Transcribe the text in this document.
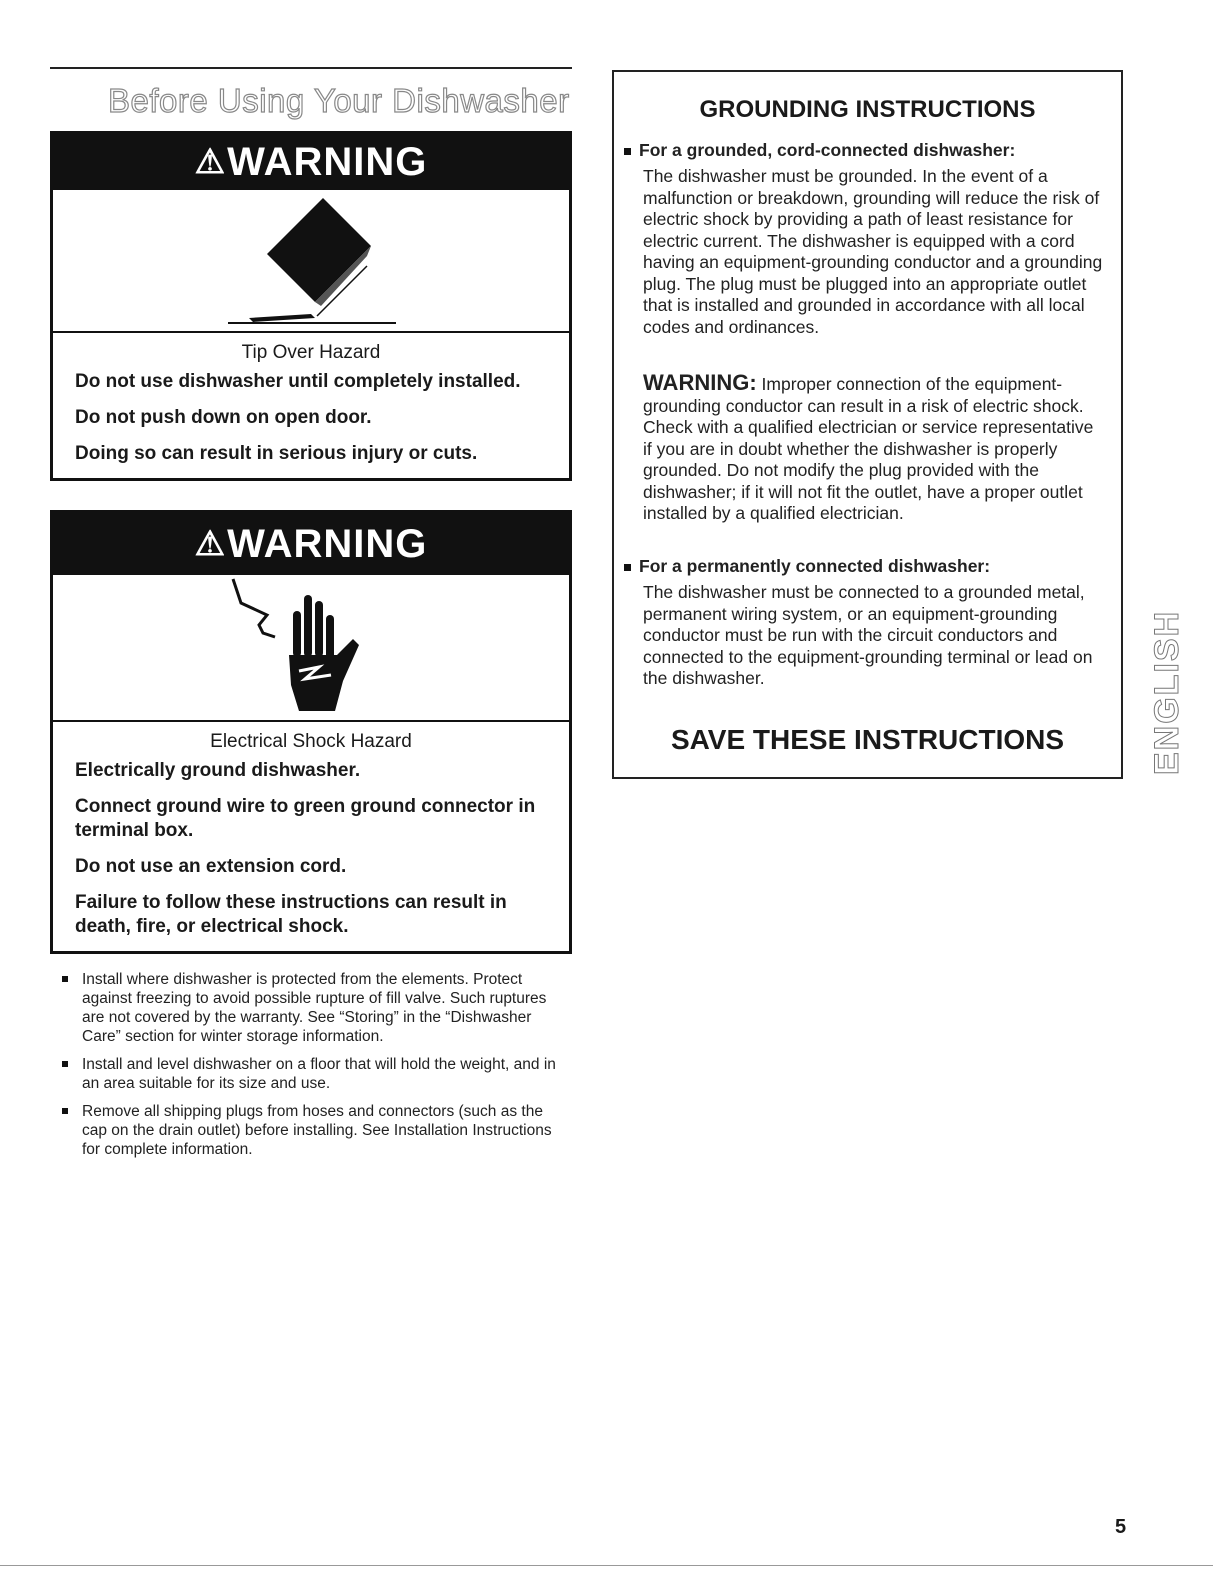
Before Using Your Dishwasher
⚠ WARNING
Tip Over Hazard
Do not use dishwasher until completely installed.
Do not push down on open door.
Doing so can result in serious injury or cuts.
⚠ WARNING
Electrical Shock Hazard
Electrically ground dishwasher.
Connect ground wire to green ground connector in terminal box.
Do not use an extension cord.
Failure to follow these instructions can result in death, fire, or electrical shock.
Install where dishwasher is protected from the elements. Protect against freezing to avoid possible rupture of fill valve. Such ruptures are not covered by the warranty. See “Storing” in the “Dishwasher Care” section for winter storage information.
Install and level dishwasher on a floor that will hold the weight, and in an area suitable for its size and use.
Remove all shipping plugs from hoses and connectors (such as the cap on the drain outlet) before installing. See Installation Instructions for complete information.
GROUNDING INSTRUCTIONS
For a grounded, cord-connected dishwasher:
The dishwasher must be grounded. In the event of a malfunction or breakdown, grounding will reduce the risk of electric shock by providing a path of least resistance for electric current. The dishwasher is equipped with a cord having an equipment-grounding conductor and a grounding plug. The plug must be plugged into an appropriate outlet that is installed and grounded in accordance with all local codes and ordinances.
WARNING: Improper connection of the equipment-grounding conductor can result in a risk of electric shock. Check with a qualified electrician or service representative if you are in doubt whether the dishwasher is properly grounded. Do not modify the plug provided with the dishwasher; if it will not fit the outlet, have a proper outlet installed by a qualified electrician.
For a permanently connected dishwasher:
The dishwasher must be connected to a grounded metal, permanent wiring system, or an equipment-grounding conductor must be run with the circuit conductors and connected to the equipment-grounding terminal or lead on the dishwasher.
SAVE THESE INSTRUCTIONS	ENGLISH
5
